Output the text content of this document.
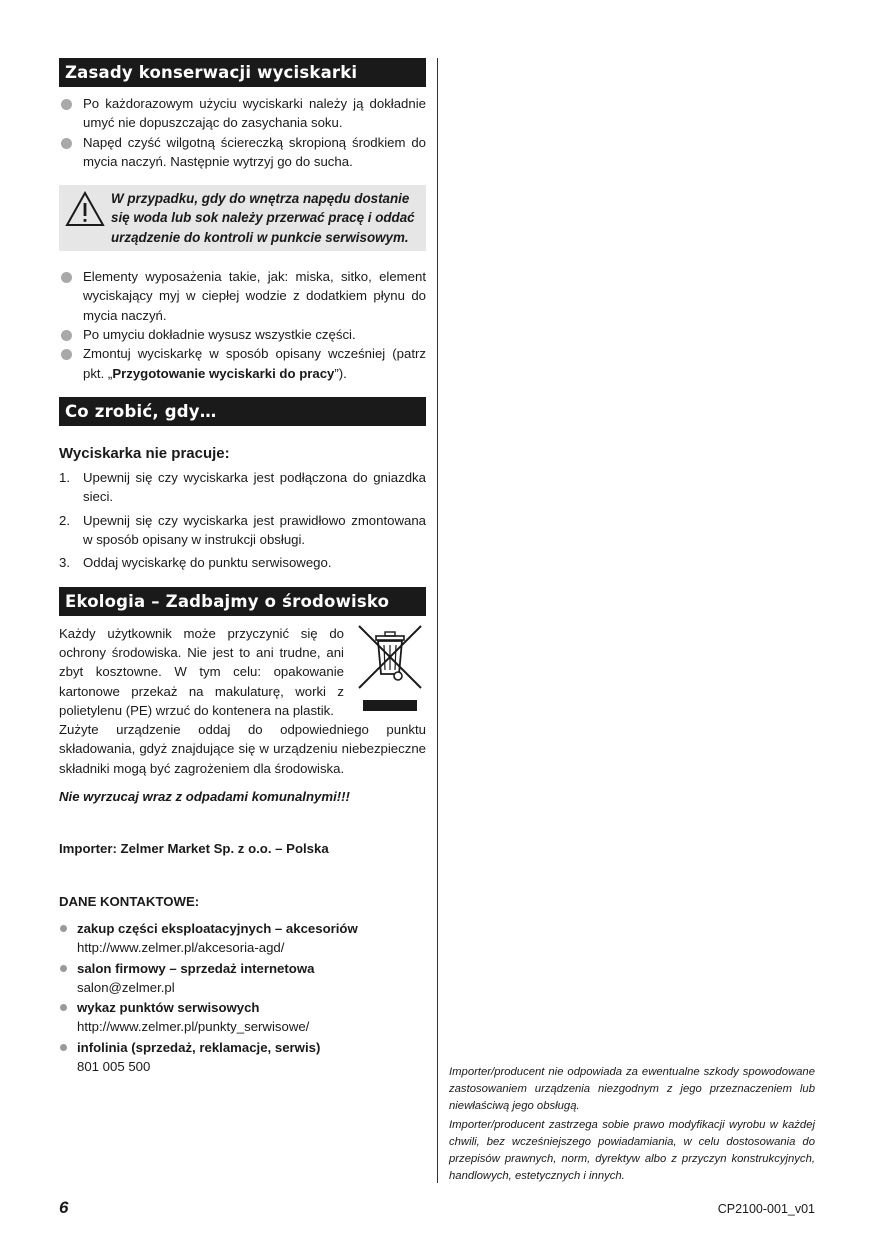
Zasady konserwacji wyciskarki
Po każdorazowym użyciu wyciskarki należy ją dokładnie umyć nie dopuszczając do zasychania soku.
Napęd czyść wilgotną ściereczką skropioną środkiem do mycia naczyń. Następnie wytrzyj go do sucha.
W przypadku, gdy do wnętrza napędu dostanie się woda lub sok należy przerwać pracę i oddać urządzenie do kontroli w punkcie serwisowym.
Elementy wyposażenia takie, jak: miska, sitko, element wyciskający myj w ciepłej wodzie z dodatkiem płynu do mycia naczyń.
Po umyciu dokładnie wysusz wszystkie części.
Zmontuj wyciskarkę w sposób opisany wcześniej (patrz pkt. „Przygotowanie wyciskarki do pracy”).
Co zrobić, gdy…
Wyciskarka nie pracuje:
1. Upewnij się czy wyciskarka jest podłączona do gniazdka sieci.
2. Upewnij się czy wyciskarka jest prawidłowo zmontowana w sposób opisany w instrukcji obsługi.
3. Oddaj wyciskarkę do punktu serwisowego.
Ekologia – Zadbajmy o środowisko
Każdy użytkownik może przyczynić się do ochrony środowiska. Nie jest to ani trudne, ani zbyt kosztowne. W tym celu: opakowanie kartonowe przekaż na makulaturę, worki z polietylenu (PE) wrzuć do kontenera na plastik.

Zużyte urządzenie oddaj do odpowiedniego punktu składowania, gdyż znajdujące się w urządzeniu niebezpieczne składniki mogą być zagrożeniem dla środowiska.

Nie wyrzucaj wraz z odpadami komunalnymi!!!
Importer: Zelmer Market Sp. z o.o. – Polska
DANE KONTAKTOWE:
zakup części eksploatacyjnych – akcesoriów
http://www.zelmer.pl/akcesoria-agd/
salon firmowy – sprzedaż internetowa
salon@zelmer.pl
wykaz punktów serwisowych
http://www.zelmer.pl/punkty_serwisowe/
infolinia (sprzedaż, reklamacje, serwis)
801 005 500	Importer/producent nie odpowiada za ewentualne szkody spowodowane zastosowaniem urządzenia niezgodnym z jego przeznaczeniem lub niewłaściwą jego obsługą.

Importer/producent zastrzega sobie prawo modyfikacji wyrobu w każdej chwili, bez wcześniejszego powiadamiania, w celu dostosowania do przepisów prawnych, norm, dyrektyw albo z przyczyn konstrukcyjnych, handlowych, estetycznych i innych.

6	CP2100-001_v01
